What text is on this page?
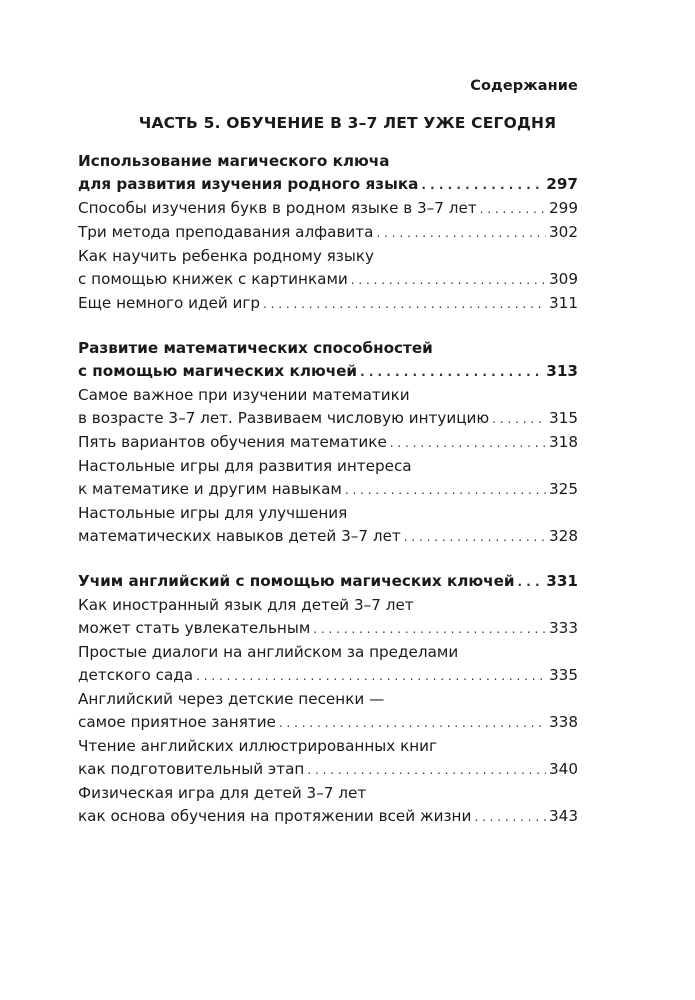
Содержание
ЧАСТЬ 5. ОБУЧЕНИЕ В 3–7 ЛЕТ УЖЕ СЕГОДНЯ
Использование магического ключа
для развития изучения родного языка . . .	297
Способы изучения букв в родном языке в 3–7 лет . . .	299
Три метода преподавания алфавита . . .	302
Как научить ребенка родному языку
с помощью книжек с картинками . . .	309
Еще немного идей игр . . .	311
Развитие математических способностей
с помощью магических ключей . . .	313
Самое важное при изучении математики
в возрасте 3–7 лет. Развиваем числовую интуицию . . .	315
Пять вариантов обучения математике . . .	318
Настольные игры для развития интереса
к математике и другим навыкам . . .	325
Настольные игры для улучшения
математических навыков детей 3–7 лет . . .	328
Учим английский с помощью магических ключей . . . 331
Как иностранный язык для детей 3–7 лет
может стать увлекательным . . .	333
Простые диалоги на английском за пределами
детского сада . . .	335
Английский через детские песенки —
самое приятное занятие . . .	338
Чтение английских иллюстрированных книг
как подготовительный этап . . .	340
Физическая игра для детей 3–7 лет
как основа обучения на протяжении всей жизни . . .	343
